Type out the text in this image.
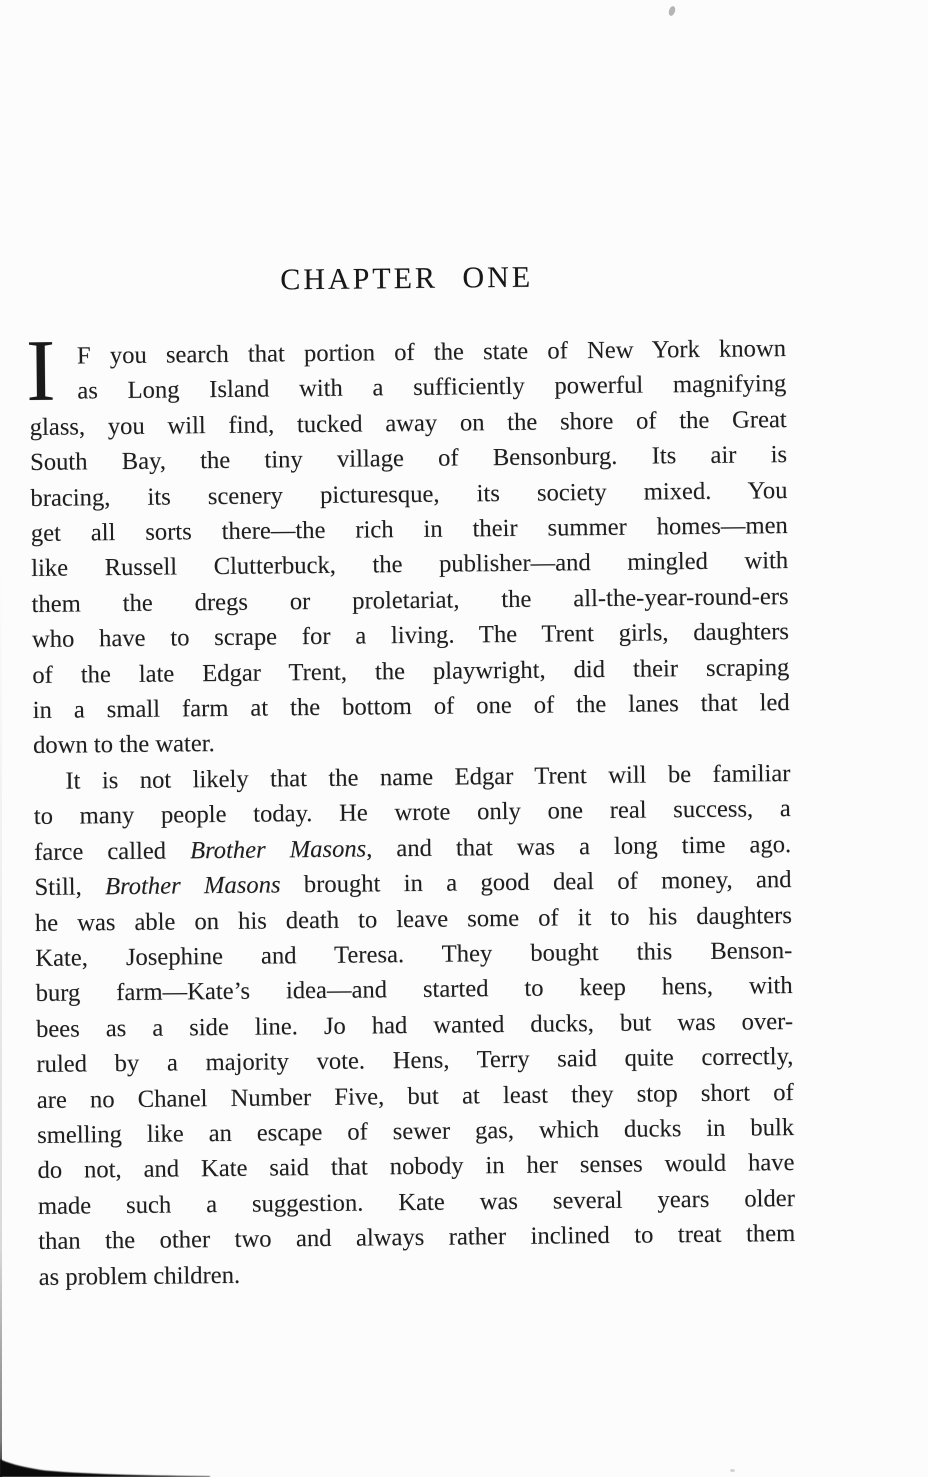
CHAPTER ONE
I F you search that portion of the state of New York known
as Long Island with a sufficiently powerful magnifying
glass, you will find, tucked away on the shore of the Great
South Bay, the tiny village of Bensonburg. Its air is
bracing, its scenery picturesque, its society mixed. You
get all sorts there—the rich in their summer homes—men
like Russell Clutterbuck, the publisher—and mingled with
them the dregs or proletariat, the all-the-year-round-ers
who have to scrape for a living. The Trent girls, daughters
of the late Edgar Trent, the playwright, did their scraping
in a small farm at the bottom of one of the lanes that led
down to the water.
It is not likely that the name Edgar Trent will be familiar
to many people today. He wrote only one real success, a
farce called Brother Masons, and that was a long time ago.
Still, Brother Masons brought in a good deal of money, and
he was able on his death to leave some of it to his daughters
Kate, Josephine and Teresa. They bought this Benson-
burg farm—Kate’s idea—and started to keep hens, with
bees as a side line. Jo had wanted ducks, but was over-
ruled by a majority vote. Hens, Terry said quite correctly,
are no Chanel Number Five, but at least they stop short of
smelling like an escape of sewer gas, which ducks in bulk
do not, and Kate said that nobody in her senses would have
made such a suggestion. Kate was several years older
than the other two and always rather inclined to treat them
as problem children.
